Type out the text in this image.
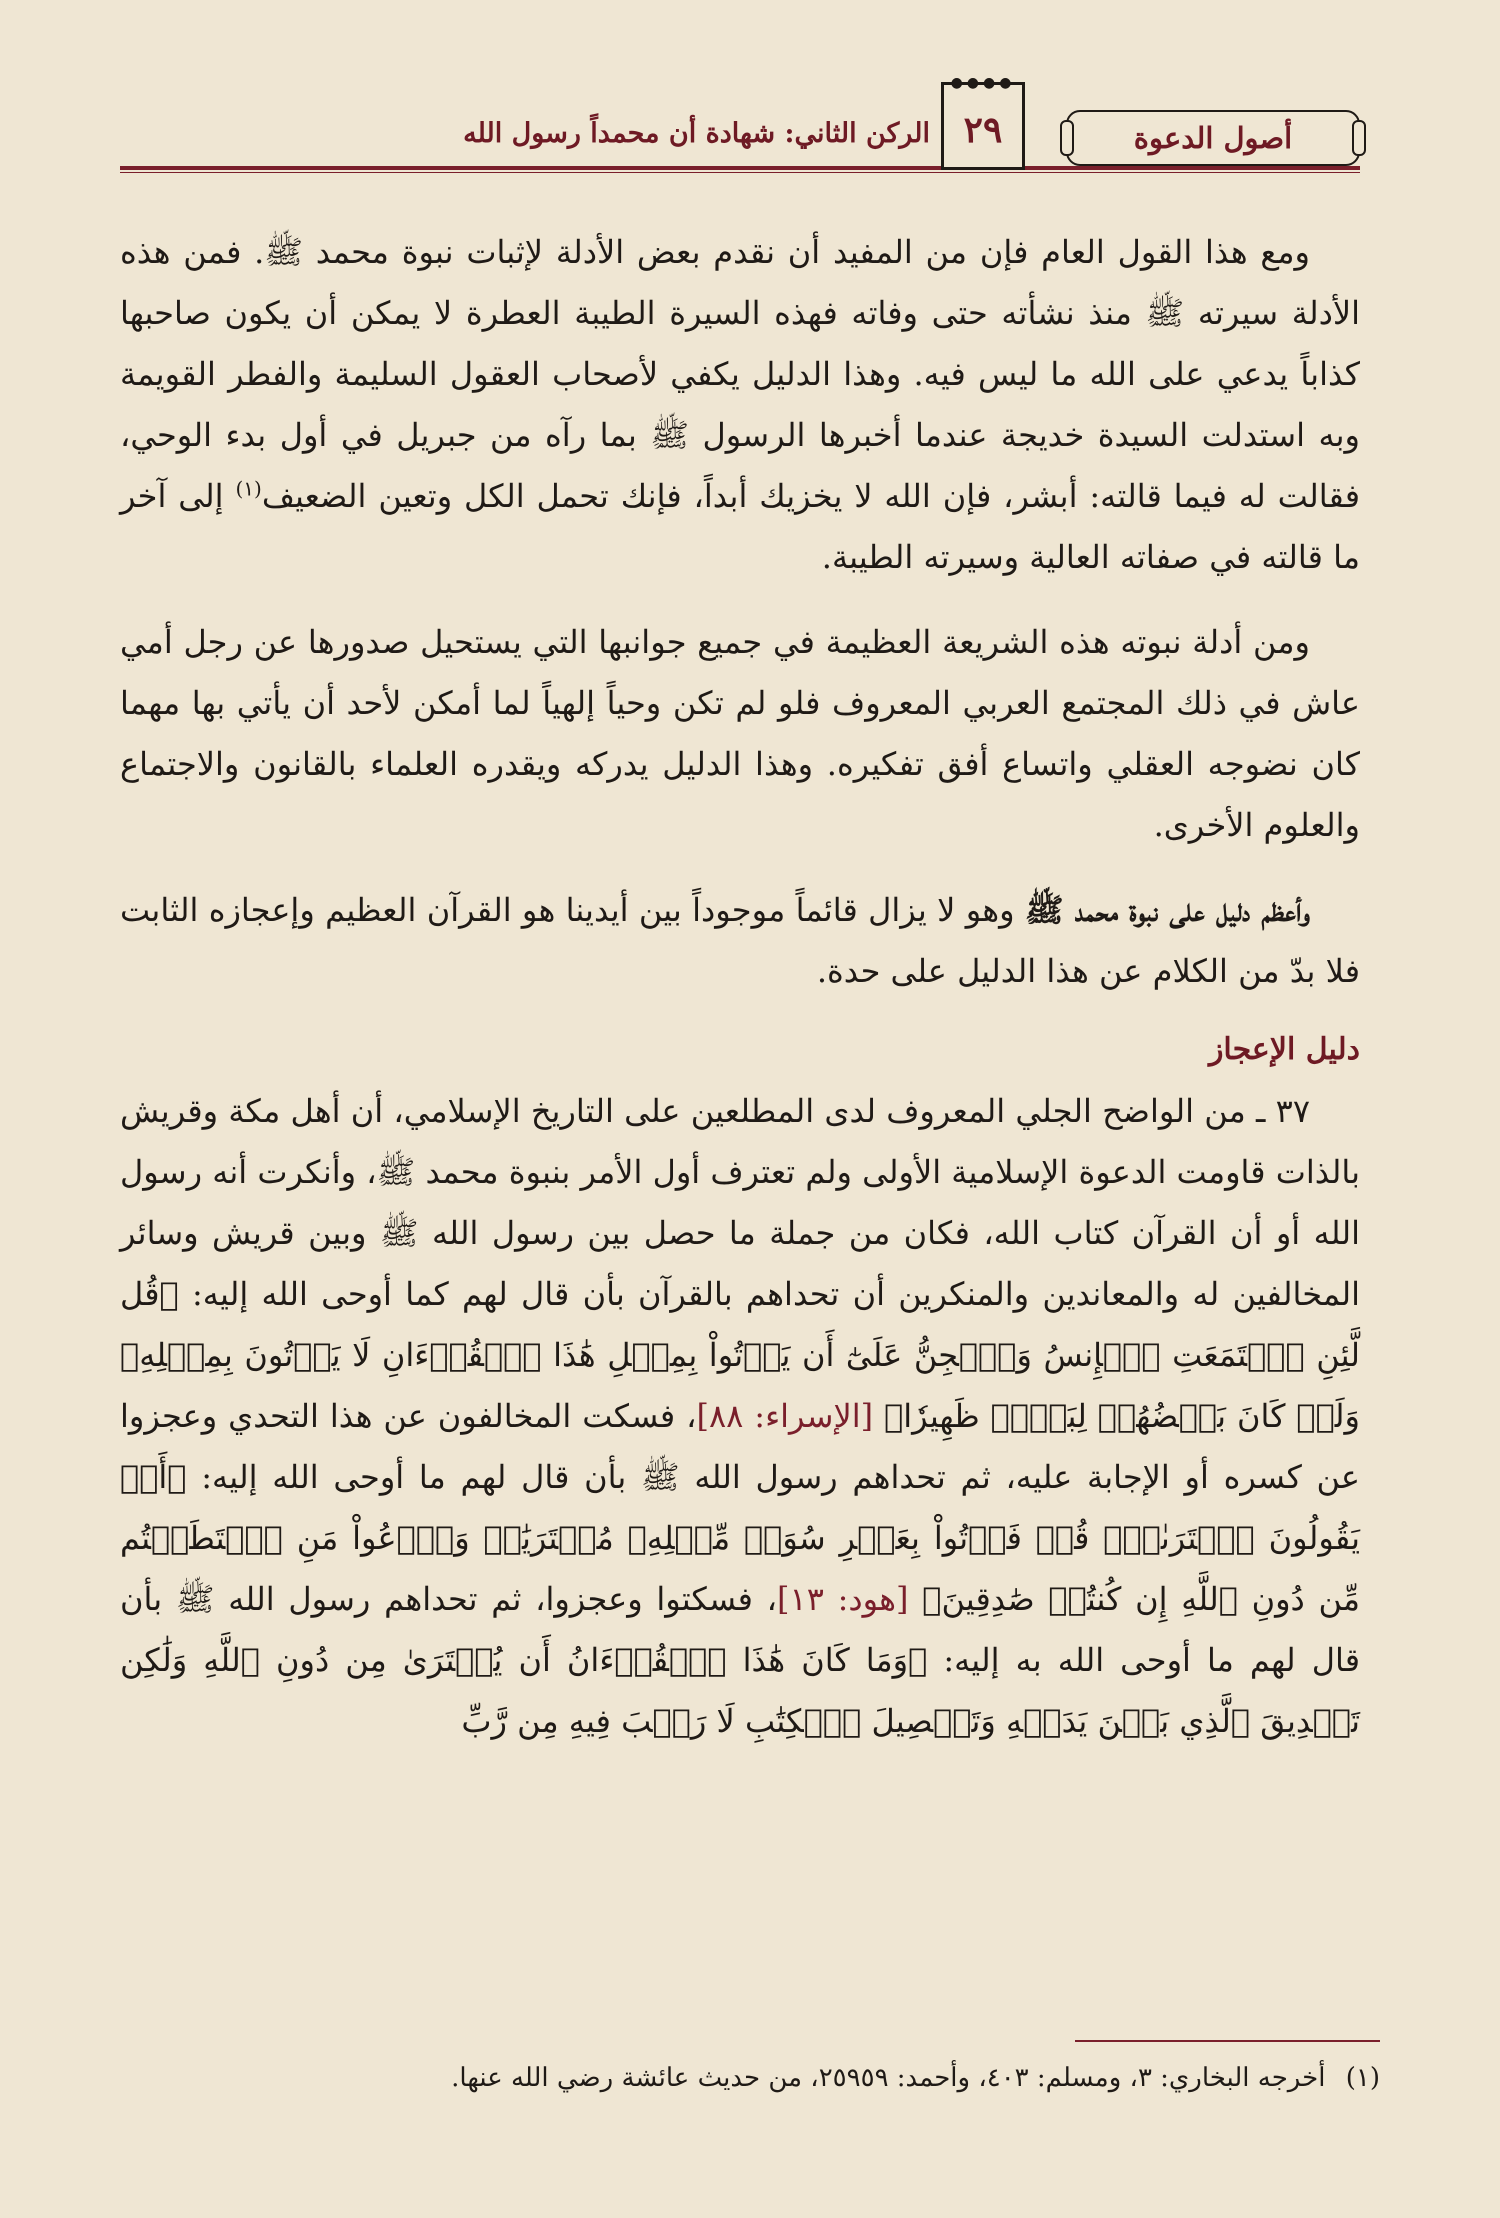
أصول الدعوة
●●●●
٢٩
الركن الثاني: شهادة أن محمداً رسول الله

ومع هذا القول العام فإن من المفيد أن نقدم بعض الأدلة لإثبات نبوة محمد ﷺ. فمن هذه الأدلة سيرته ﷺ منذ نشأته حتى وفاته فهذه السيرة الطيبة العطرة لا يمكن أن يكون صاحبها كذاباً يدعي على الله ما ليس فيه. وهذا الدليل يكفي لأصحاب العقول السليمة والفطر القويمة وبه استدلت السيدة خديجة عندما أخبرها الرسول ﷺ بما رآه من جبريل في أول بدء الوحي، فقالت له فيما قالته: أبشر، فإن الله لا يخزيك أبداً، فإنك تحمل الكل وتعين الضعيف$^{(١)}$ إلى آخر ما قالته في صفاته العالية وسيرته الطيبة.

ومن أدلة نبوته هذه الشريعة العظيمة في جميع جوانبها التي يستحيل صدورها عن رجل أمي عاش في ذلك المجتمع العربي المعروف فلو لم تكن وحياً إلهياً لما أمكن لأحد أن يأتي بها مهما كان نضوجه العقلي واتساع أفق تفكيره. وهذا الدليل يدركه ويقدره العلماء بالقانون والاجتماع والعلوم الأخرى.

وأعظم دليل على نبوة محمد ﷺ وهو لا يزال قائماً موجوداً بين أيدينا هو القرآن العظيم وإعجازه الثابت فلا بدّ من الكلام عن هذا الدليل على حدة.

دليل الإعجاز

٣٧ ـ من الواضح الجلي المعروف لدى المطلعين على التاريخ الإسلامي، أن أهل مكة وقريش بالذات قاومت الدعوة الإسلامية الأولى ولم تعترف أول الأمر بنبوة محمد ﷺ، وأنكرت أنه رسول الله أو أن القرآن كتاب الله، فكان من جملة ما حصل بين رسول الله ﷺ وبين قريش وسائر المخالفين له والمعاندين والمنكرين أن تحداهم بالقرآن بأن قال لهم كما أوحى الله إليه: ﴿قُل لَّئِنِ ٱجۡتَمَعَتِ ٱلۡإِنسُ وَٱلۡجِنُّ عَلَىٰٓ أَن يَأۡتُواْ بِمِثۡلِ هَٰذَا ٱلۡقُرۡءَانِ لَا يَأۡتُونَ بِمِثۡلِهِۦ وَلَوۡ كَانَ بَعۡضُهُمۡ لِبَعۡضٖ ظَهِيرٗا﴾ [الإسراء: ٨٨]، فسكت المخالفون عن هذا التحدي وعجزوا عن كسره أو الإجابة عليه، ثم تحداهم رسول الله ﷺ بأن قال لهم ما أوحى الله إليه: ﴿أَمۡ يَقُولُونَ ٱفۡتَرَىٰهُۖ قُلۡ فَأۡتُواْ بِعَشۡرِ سُوَرٖ مِّثۡلِهِۦ مُفۡتَرَيَٰتٖ وَٱدۡعُواْ مَنِ ٱسۡتَطَعۡتُم مِّن دُونِ ٱللَّهِ إِن كُنتُمۡ صَٰدِقِينَ﴾ [هود: ١٣]، فسكتوا وعجزوا، ثم تحداهم رسول الله ﷺ بأن قال لهم ما أوحى الله به إليه: ﴿وَمَا كَانَ هَٰذَا ٱلۡقُرۡءَانُ أَن يُفۡتَرَىٰ مِن دُونِ ٱللَّهِ وَلَٰكِن تَصۡدِيقَ ٱلَّذِي بَيۡنَ يَدَيۡهِ وَتَفۡصِيلَ ٱلۡكِتَٰبِ لَا رَيۡبَ فِيهِ مِن رَّبِّ

(١) أخرجه البخاري: ٣، ومسلم: ٤٠٣، وأحمد: ٢٥٩٥٩، من حديث عائشة رضي الله عنها.
